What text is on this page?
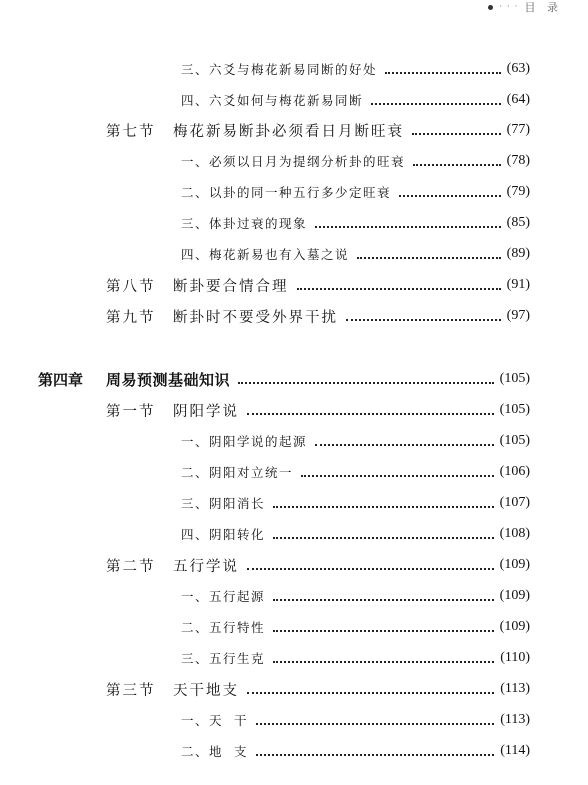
· · · 目 录
三、六爻与梅花新易同断的好处	(63)
四、六爻如何与梅花新易同断	(64)
第七节	梅花新易断卦必须看日月断旺衰	(77)
一、必须以日月为提纲分析卦的旺衰	(78)
二、以卦的同一种五行多少定旺衰	(79)
三、体卦过衰的现象	(85)
四、梅花新易也有入墓之说	(89)
第八节	断卦要合情合理	(91)
第九节	断卦时不要受外界干扰	(97)
第四章	周易预测基础知识	(105)
第一节	阴阳学说	(105)
一、阴阳学说的起源	(105)
二、阴阳对立统一	(106)
三、阴阳消长	(107)
四、阴阳转化	(108)
第二节	五行学说	(109)
一、五行起源	(109)
二、五行特性	(109)
三、五行生克	(110)
第三节	天干地支	(113)
一、天  干	(113)
二、地  支	(114)
